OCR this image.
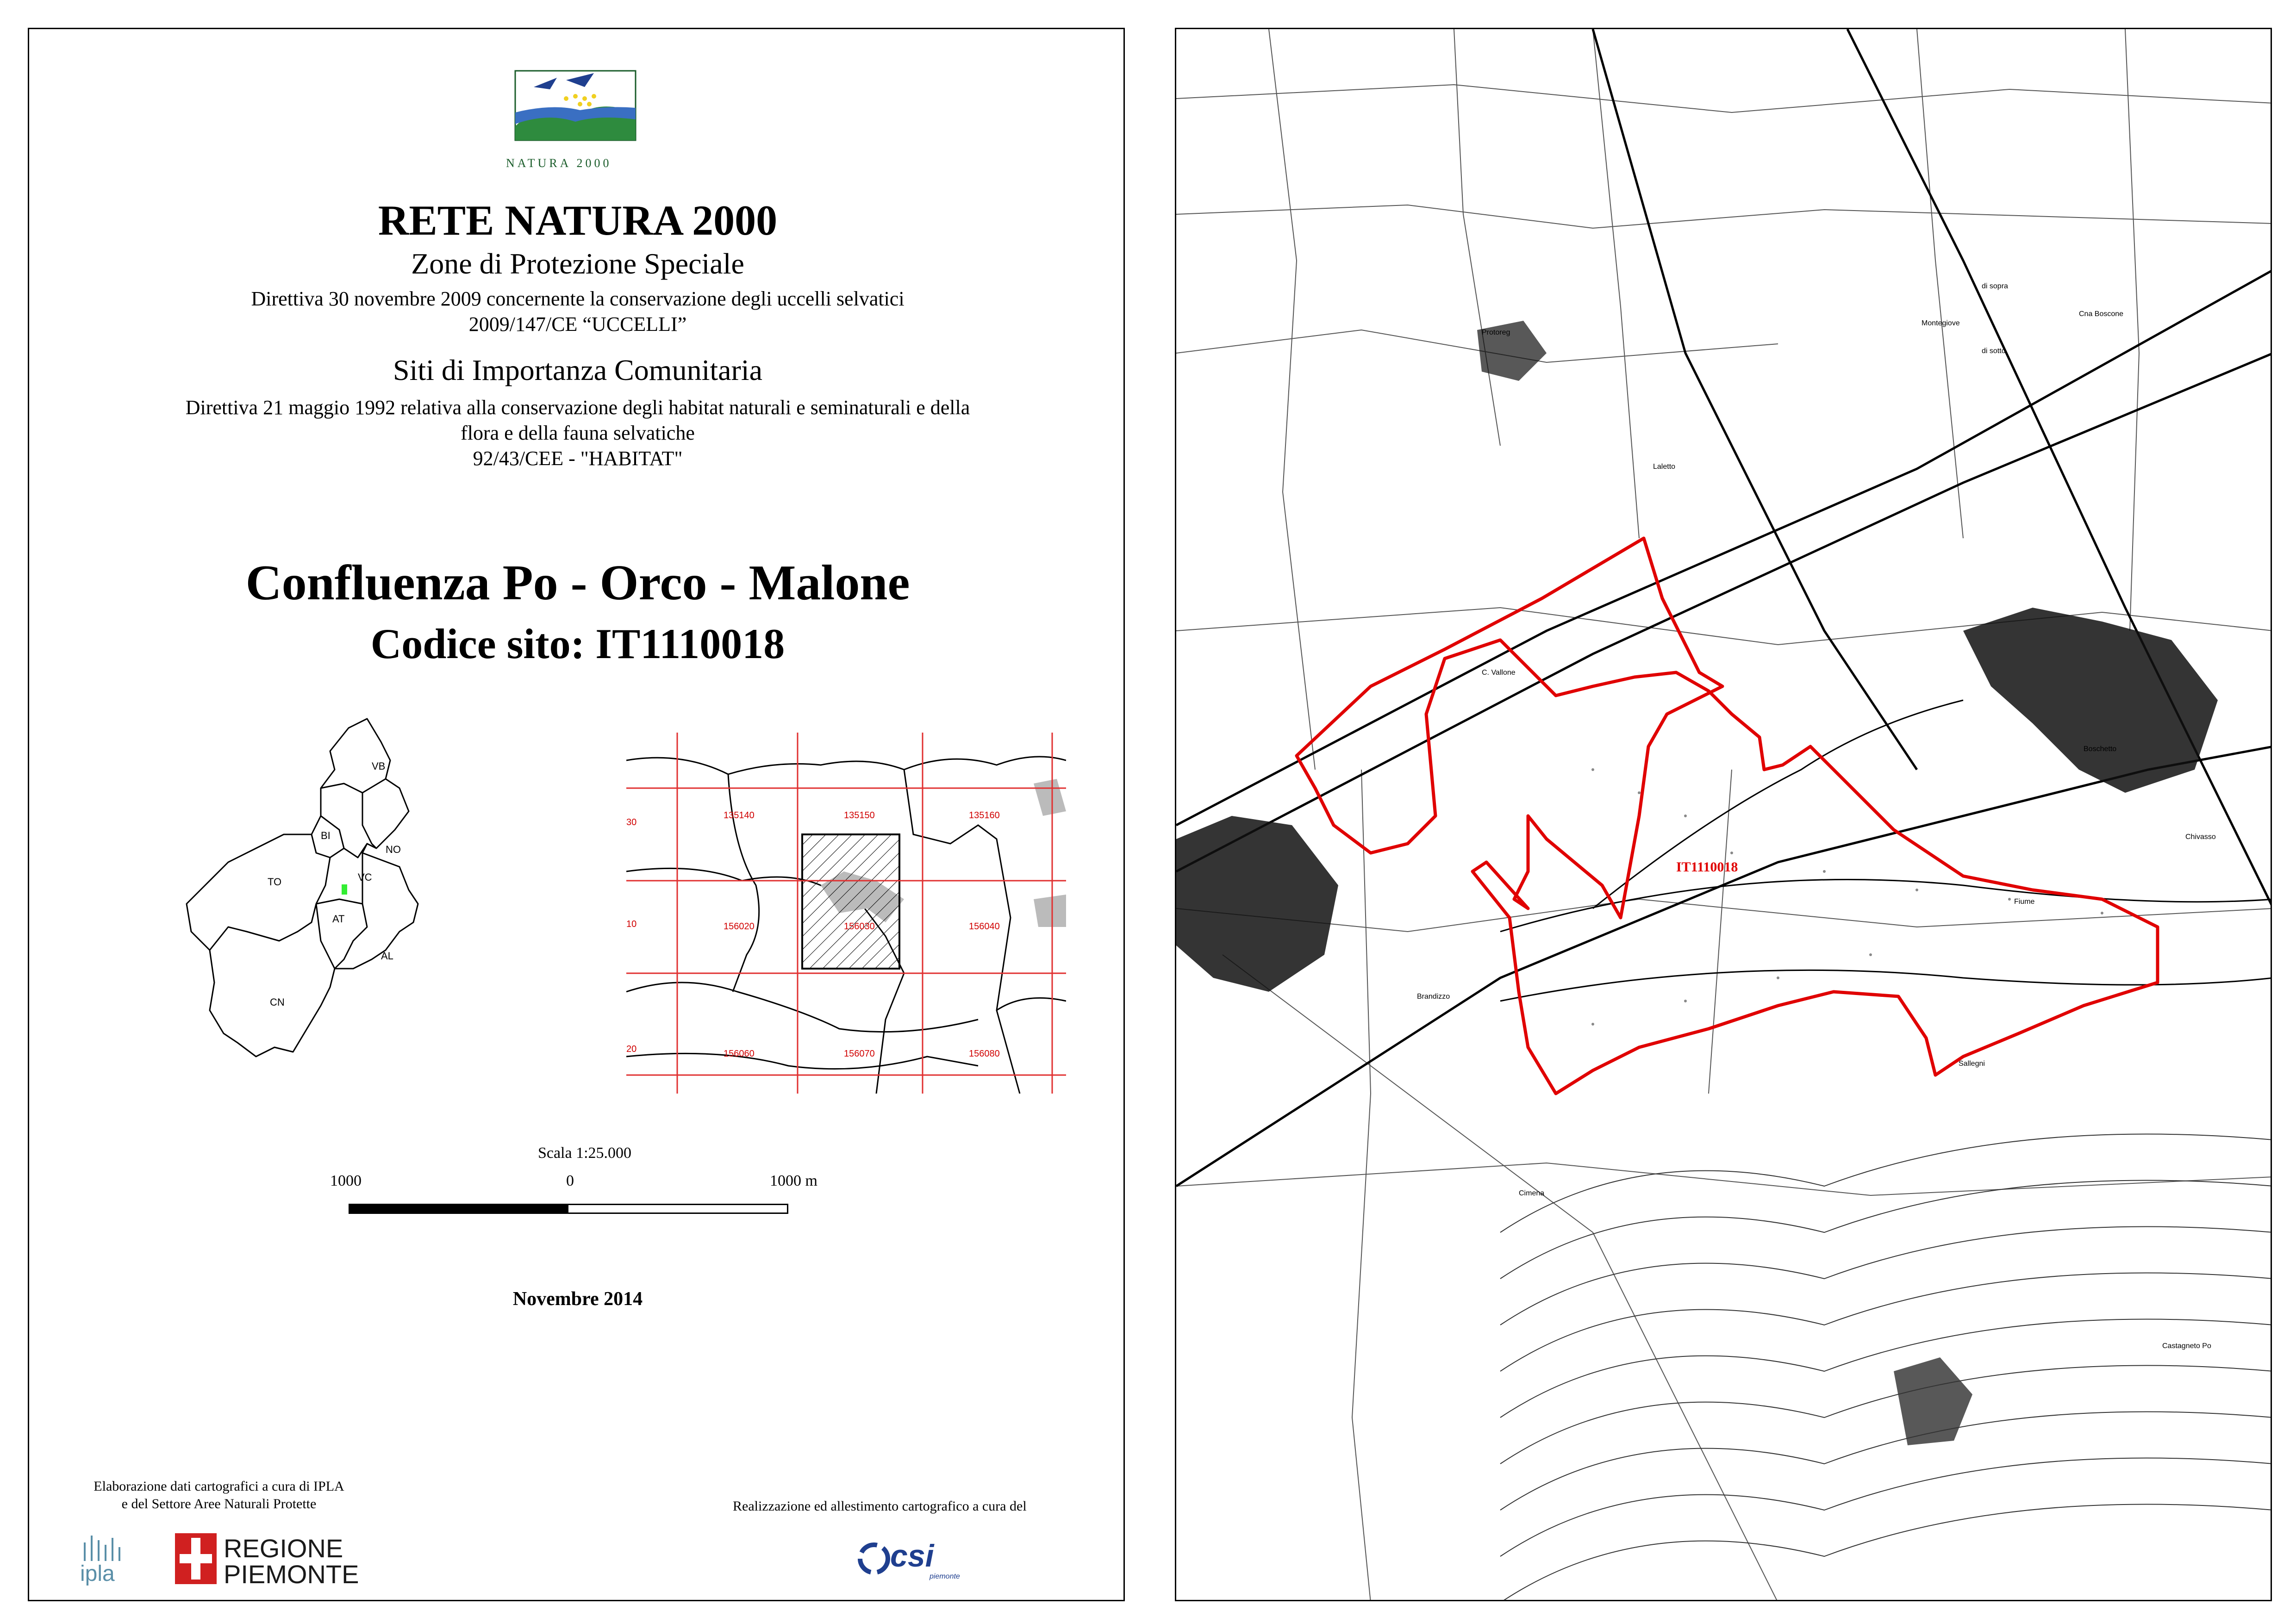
NATURA 2000
RETE NATURA 2000
Zone di Protezione Speciale
Direttiva 30 novembre 2009 concernente la conservazione degli uccelli selvatici
2009/147/CE “UCCELLI”
Siti di Importanza Comunitaria
Direttiva 21 maggio 1992 relativa alla conservazione degli habitat naturali e seminaturali e della
flora e della fauna selvatiche
92/43/CEE - "HABITAT"
Confluenza Po - Orco - Malone
Codice sito: IT1110018
VB
BI
NO
VC
TO
AT
AL
CN
30
10
20
135140	135150	135160
156020	156030	156040
156060	156070	156080
Scala 1:25.000
1000	0	1000 m
Novembre 2014
Elaborazione dati cartografici a cura di IPLA
e del Settore Aree Naturali Protette	Realizzazione ed allestimento cartografico a cura del
ipla
REGIONE
PIEMONTE
csi
piemonte
IT1110018
C. Vallone
Brandizzo
Chivasso
Castagneto Po
Cimena
Montegiove
Protoreg
Laletto
Boschetto
Fiume
di sopra
di sotto
Cna Boscone
Sallegni
